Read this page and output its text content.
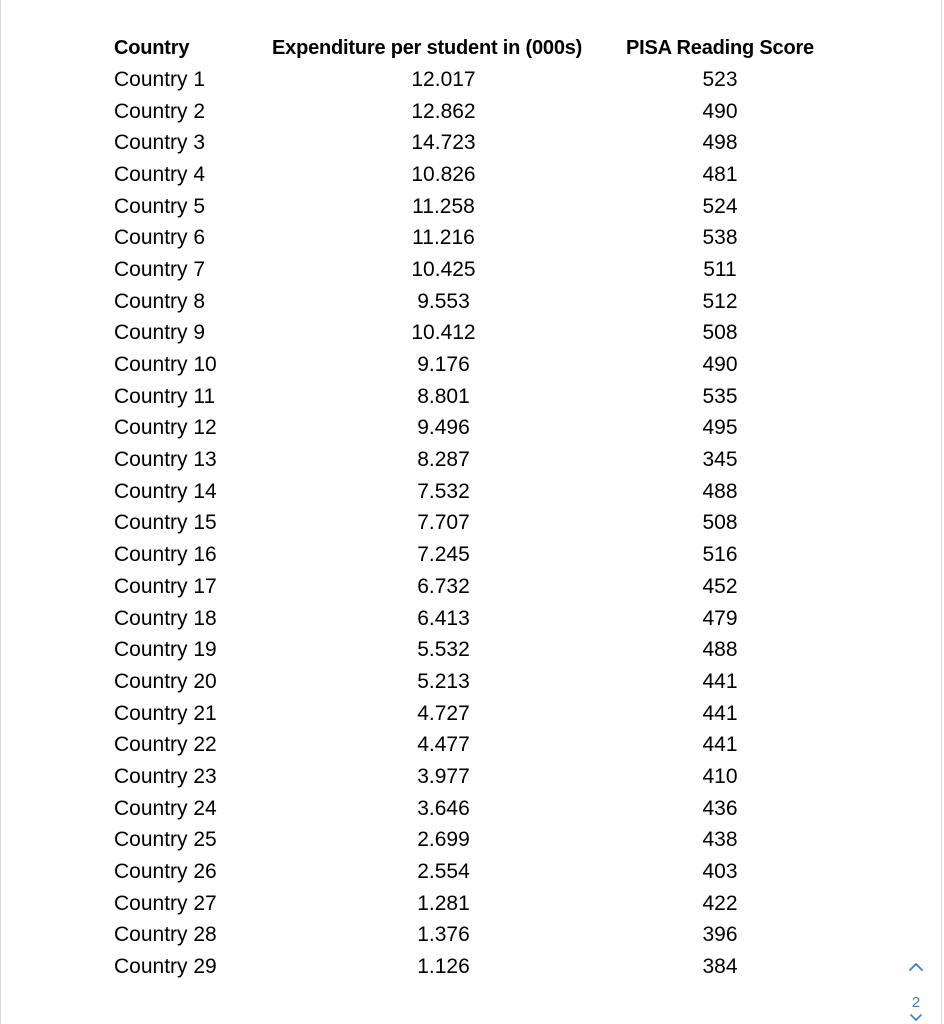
Country	Expenditure per student in (000s)	PISA Reading Score
Country 1	12.017	523
Country 2	12.862	490
Country 3	14.723	498
Country 4	10.826	481
Country 5	11.258	524
Country 6	11.216	538
Country 7	10.425	511
Country 8	9.553	512
Country 9	10.412	508
Country 10	9.176	490
Country 11	8.801	535
Country 12	9.496	495
Country 13	8.287	345
Country 14	7.532	488
Country 15	7.707	508
Country 16	7.245	516
Country 17	6.732	452
Country 18	6.413	479
Country 19	5.532	488
Country 20	5.213	441
Country 21	4.727	441
Country 22	4.477	441
Country 23	3.977	410
Country 24	3.646	436
Country 25	2.699	438
Country 26	2.554	403
Country 27	1.281	422
Country 28	1.376	396
Country 29	1.126	384
2
